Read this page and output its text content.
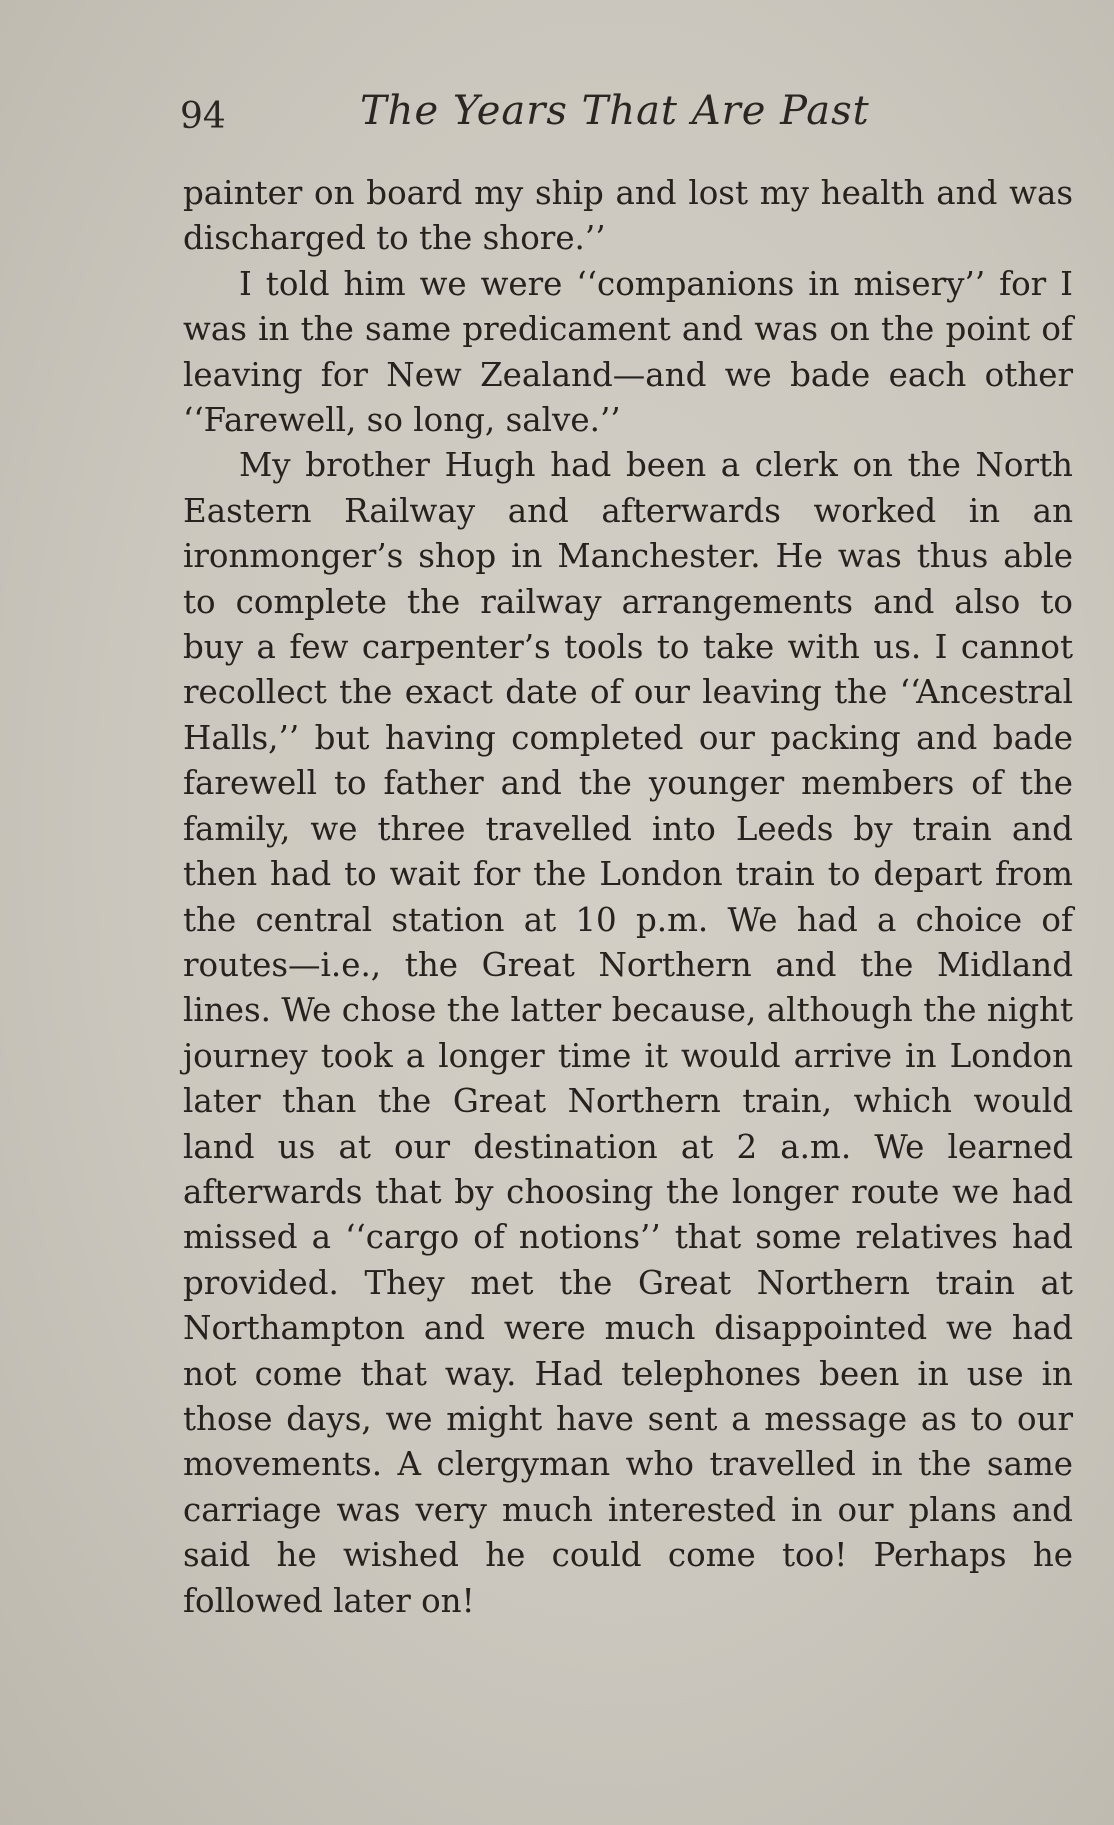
94	The Years That Are Past

painter on board my ship and lost my health and was discharged to the shore.’’

I told him we were ‘‘companions in misery’’ for I was in the same predicament and was on the point of leaving for New Zealand—and we bade each other ‘‘Farewell, so long, salve.’’

My brother Hugh had been a clerk on the North Eastern Railway and afterwards worked in an ironmonger’s shop in Manchester. He was thus able to complete the railway arrangements and also to buy a few carpenter’s tools to take with us. I cannot recollect the exact date of our leaving the ‘‘Ancestral Halls,’’ but having completed our packing and bade farewell to father and the younger members of the family, we three travelled into Leeds by train and then had to wait for the London train to depart from the central station at 10 p.m. We had a choice of routes—i.e., the Great Northern and the Midland lines. We chose the latter because, although the night journey took a longer time it would arrive in London later than the Great Northern train, which would land us at our destination at 2 a.m. We learned afterwards that by choosing the longer route we had missed a ‘‘cargo of notions’’ that some relatives had provided. They met the Great Northern train at Northampton and were much disappointed we had not come that way. Had telephones been in use in those days, we might have sent a message as to our movements. A clergyman who travelled in the same carriage was very much interested in our plans and said he wished he could come too! Perhaps he followed later on!
